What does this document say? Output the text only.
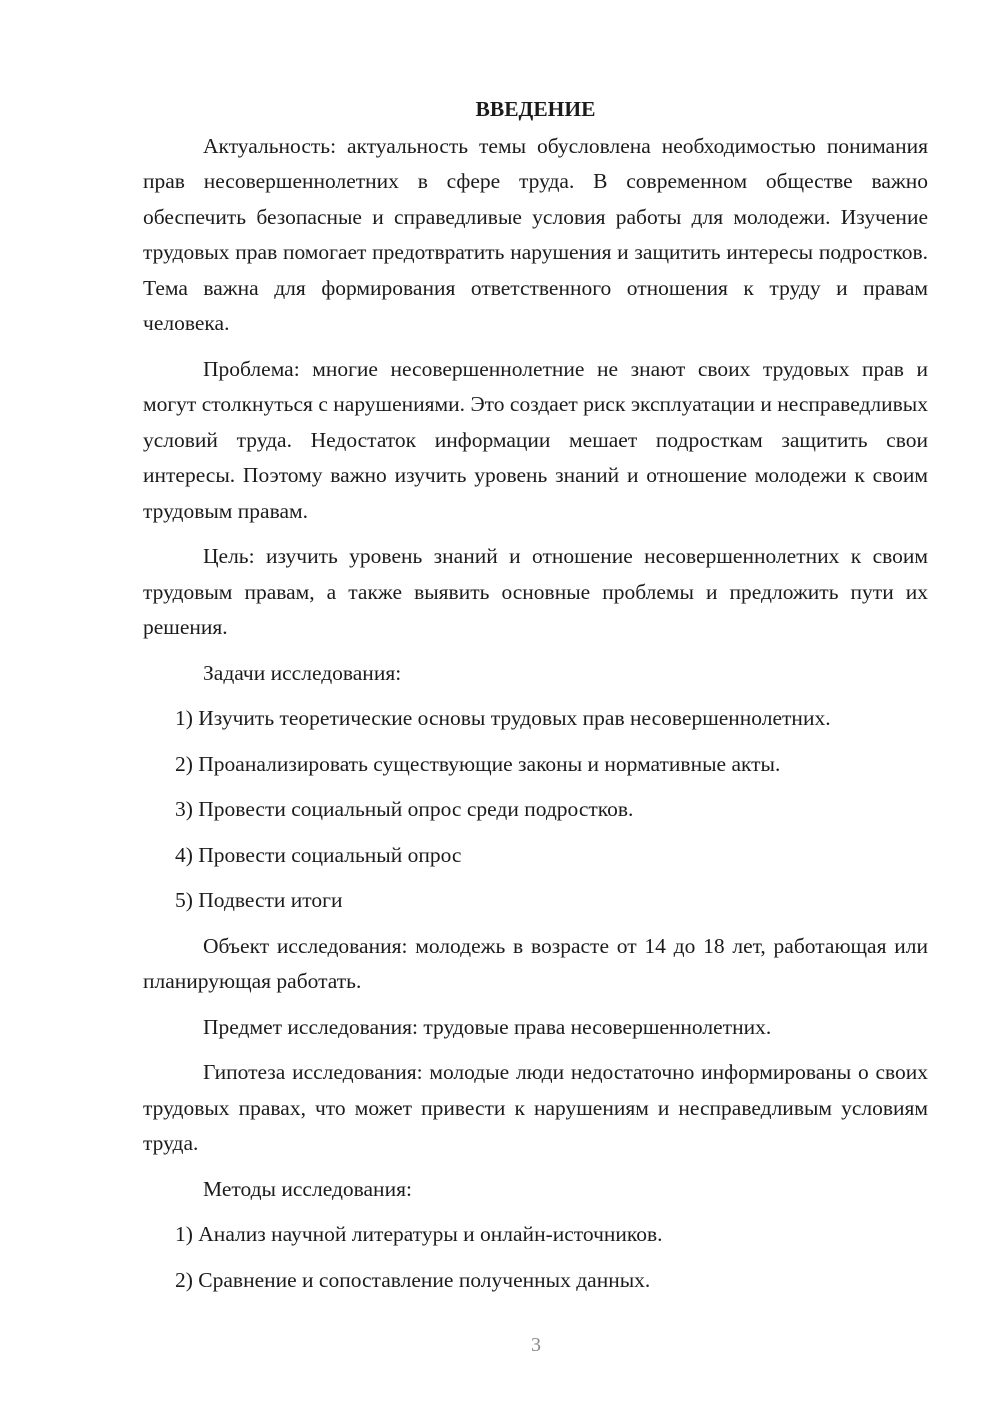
ВВЕДЕНИЕ

Актуальность: актуальность темы обусловлена необходимостью понимания прав несовершеннолетних в сфере труда. В современном обществе важно обеспечить безопасные и справедливые условия работы для молодежи. Изучение трудовых прав помогает предотвратить нарушения и защитить интересы подростков. Тема важна для формирования ответственного отношения к труду и правам человека.

Проблема: многие несовершеннолетние не знают своих трудовых прав и могут столкнуться с нарушениями. Это создает риск эксплуатации и несправедливых условий труда. Недостаток информации мешает подросткам защитить свои интересы. Поэтому важно изучить уровень знаний и отношение молодежи к своим трудовым правам.

Цель: изучить уровень знаний и отношение несовершеннолетних к своим трудовым правам, а также выявить основные проблемы и предложить пути их решения.

Задачи исследования:
1) Изучить теоретические основы трудовых прав несовершеннолетних.
2) Проанализировать существующие законы и нормативные акты.
3) Провести социальный опрос среди подростков.
4) Провести социальный опрос
5) Подвести итоги

Объект исследования: молодежь в возрасте от 14 до 18 лет, работающая или планирующая работать.

Предмет исследования: трудовые права несовершеннолетних.

Гипотеза исследования: молодые люди недостаточно информированы о своих трудовых правах, что может привести к нарушениям и несправедливым условиям труда.

Методы исследования:
1) Анализ научной литературы и онлайн-источников.
2) Сравнение и сопоставление полученных данных.
3
